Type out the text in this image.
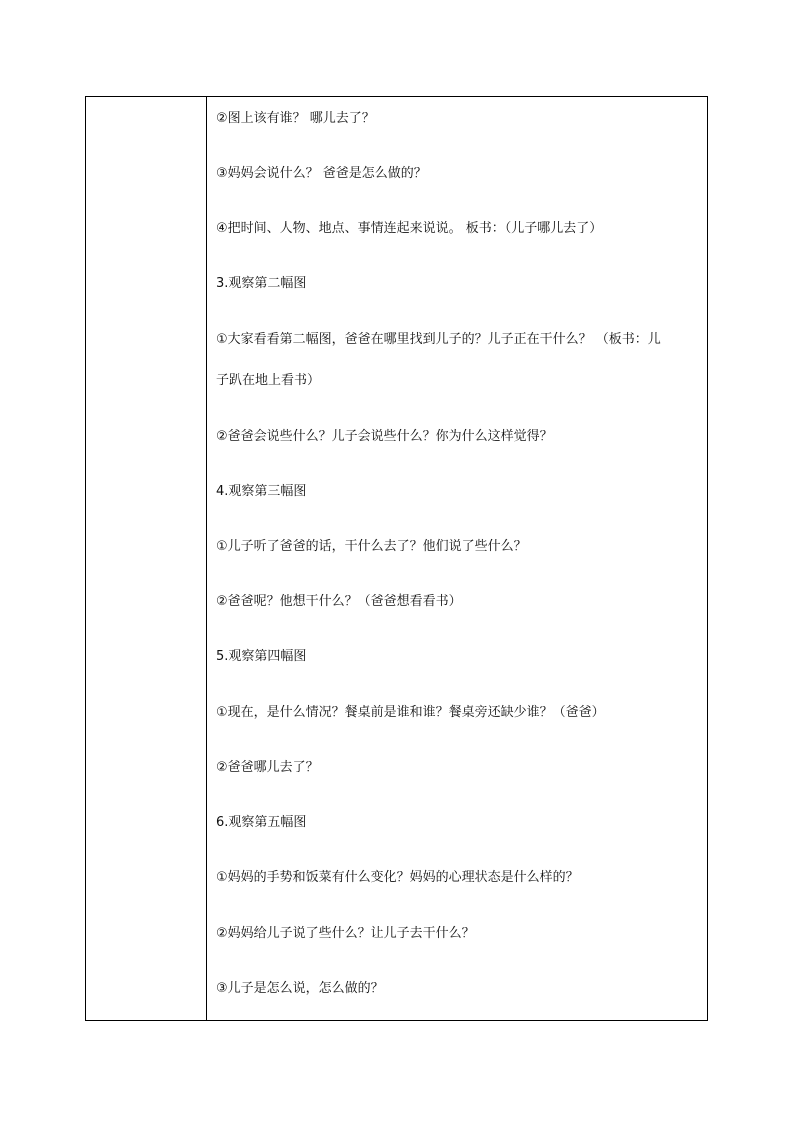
②图上该有谁？ 哪儿去了？

③妈妈会说什么？ 爸爸是怎么做的？

④把时间、人物、地点、事情连起来说说。 板书：（儿子哪儿去了）

3.观察第二幅图

①大家看看第二幅图，爸爸在哪里找到儿子的？儿子正在干什么？ （板书：儿

子趴在地上看书）

②爸爸会说些什么？儿子会说些什么？你为什么这样觉得？

4.观察第三幅图

①儿子听了爸爸的话，干什么去了？他们说了些什么？

②爸爸呢？他想干什么？（爸爸想看看书）

5.观察第四幅图

①现在，是什么情况？餐桌前是谁和谁？餐桌旁还缺少谁？（爸爸）

②爸爸哪儿去了？

6.观察第五幅图

①妈妈的手势和饭菜有什么变化？妈妈的心理状态是什么样的？

②妈妈给儿子说了些什么？让儿子去干什么？

③儿子是怎么说，怎么做的？
